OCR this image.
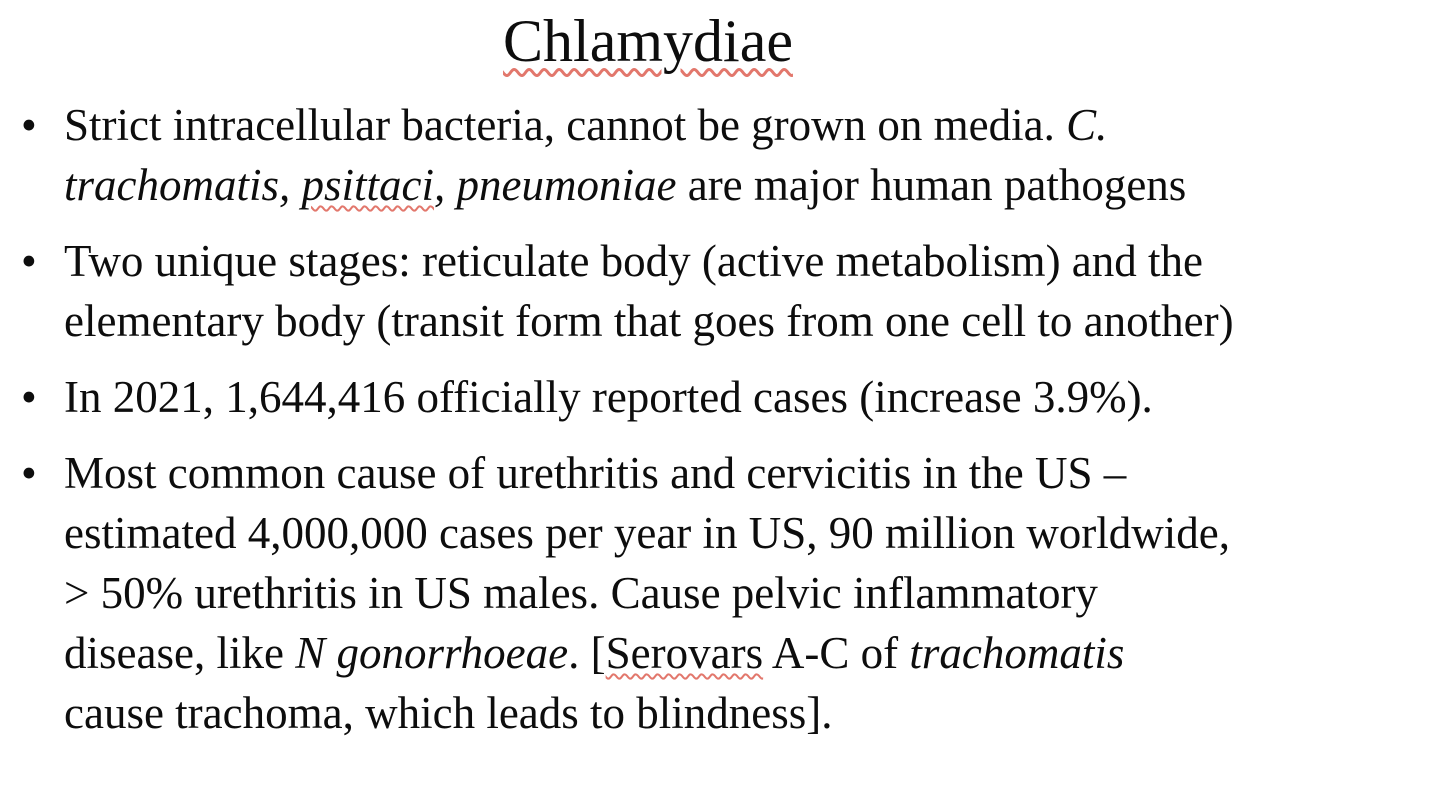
Chlamydiae
• Strict intracellular bacteria, cannot be grown on media. C.
trachomatis, psittaci, pneumoniae are major human pathogens
• Two unique stages: reticulate body (active metabolism) and the
elementary body (transit form that goes from one cell to another)
• In 2021, 1,644,416 officially reported cases (increase 3.9%).
• Most common cause of urethritis and cervicitis in the US –
estimated 4,000,000 cases per year in US, 90 million worldwide,
> 50% urethritis in US males. Cause pelvic inflammatory
disease, like N gonorrhoeae. [Serovars A-C of trachomatis
cause trachoma, which leads to blindness].
